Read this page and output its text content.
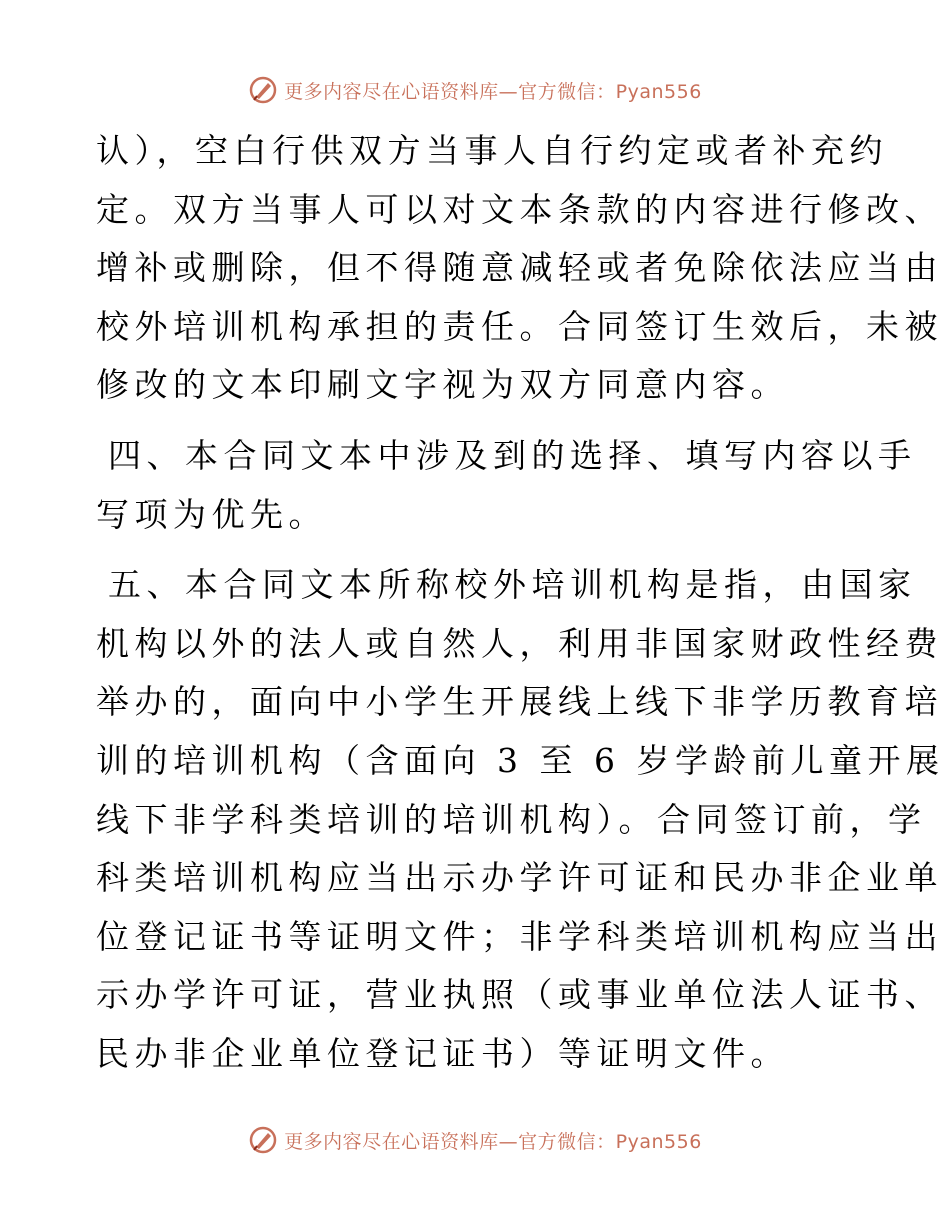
更多内容尽在心语资料库—官方微信：Pyan556
认），空白行供双方当事人自行约定或者补充约
定。双方当事人可以对文本条款的内容进行修改、
增补或删除，但不得随意减轻或者免除依法应当由
校外培训机构承担的责任。合同签订生效后，未被
修改的文本印刷文字视为双方同意内容。
四、本合同文本中涉及到的选择、填写内容以手
写项为优先。
五、本合同文本所称校外培训机构是指，由国家
机构以外的法人或自然人，利用非国家财政性经费
举办的，面向中小学生开展线上线下非学历教育培
训的培训机构（含面向 3 至 6 岁学龄前儿童开展
线下非学科类培训的培训机构）。合同签订前，学
科类培训机构应当出示办学许可证和民办非企业单
位登记证书等证明文件；非学科类培训机构应当出
示办学许可证，营业执照（或事业单位法人证书、
民办非企业单位登记证书）等证明文件。
更多内容尽在心语资料库—官方微信：Pyan556
